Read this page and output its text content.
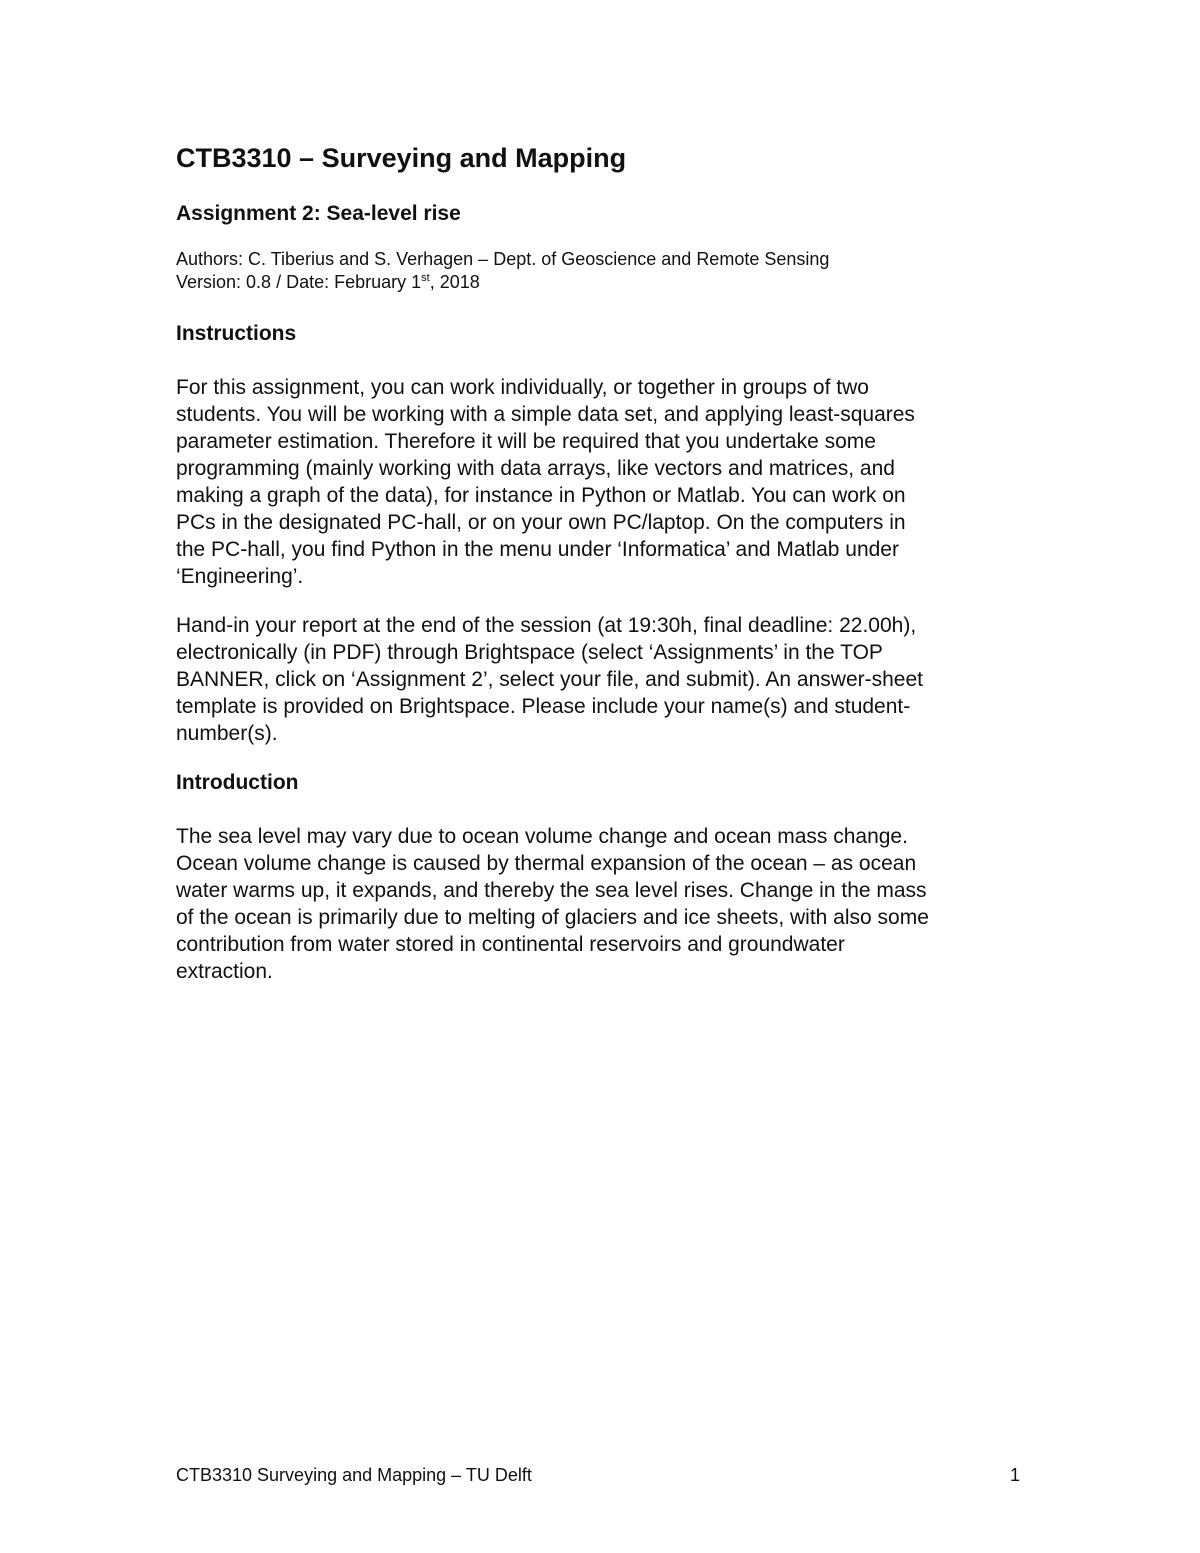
CTB3310 – Surveying and Mapping
Assignment 2: Sea-level rise
Authors: C. Tiberius and S. Verhagen – Dept. of Geoscience and Remote Sensing
Version: 0.8 / Date: February 1st, 2018
Instructions
For this assignment, you can work individually, or together in groups of two
students. You will be working with a simple data set, and applying least-squares
parameter estimation. Therefore it will be required that you undertake some
programming (mainly working with data arrays, like vectors and matrices, and
making a graph of the data), for instance in Python or Matlab. You can work on
PCs in the designated PC-hall, or on your own PC/laptop. On the computers in
the PC-hall, you find Python in the menu under ‘Informatica’ and Matlab under
‘Engineering’.
Hand-in your report at the end of the session (at 19:30h, final deadline: 22.00h),
electronically (in PDF) through Brightspace (select ‘Assignments’ in the TOP
BANNER, click on ‘Assignment 2’, select your file, and submit). An answer-sheet
template is provided on Brightspace. Please include your name(s) and student-
number(s).
Introduction
The sea level may vary due to ocean volume change and ocean mass change.
Ocean volume change is caused by thermal expansion of the ocean – as ocean
water warms up, it expands, and thereby the sea level rises. Change in the mass
of the ocean is primarily due to melting of glaciers and ice sheets, with also some
contribution from water stored in continental reservoirs and groundwater
extraction.
CTB3310 Surveying and Mapping – TU Delft	1
